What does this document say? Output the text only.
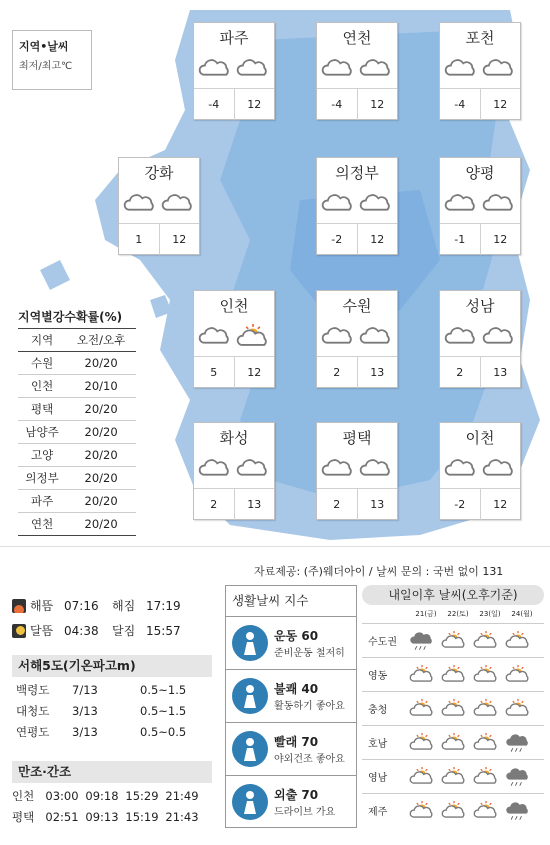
지역•날씨
최저/최고℃
파주
-4	12
연천
-4	12
포천
-4	12
강화
1	12
의정부
-2	12
양평
-1	12
인천
5	12
수원
2	13
성남
2	13
화성
2	13
평택
2	13
이천
-2	12
지역별강수확률(%)
지역	오전/오후
수원	20/20
인천	20/10
평택	20/20
남양주	20/20
고양	20/20
의정부	20/20
파주	20/20
연천	20/20
자료제공: (주)웨더아이 / 날씨 문의 : 국번 없이 131
해뜸 07:16	해짐 17:19
달뜸 04:38	달짐 15:57
서해5도(기온파고m)
백령도	7/13	0.5~1.5
대청도	3/13	0.5~1.5
연평도	3/13	0.5~0.5
만조·간조
인천 03:00 09:18 15:29 21:49
평택 02:51 09:13 15:19 21:43
생활날씨 지수
운동 60
준비운동 철저히
불쾌 40
활동하기 좋아요
빨래 70
야외건조 좋아요
외출 70
드라이브 가요
내일이후 날씨(오후기준)
21(금)	22(토)	23(일)	24(월)
수도권
영동
충청
호남
영남
제주
